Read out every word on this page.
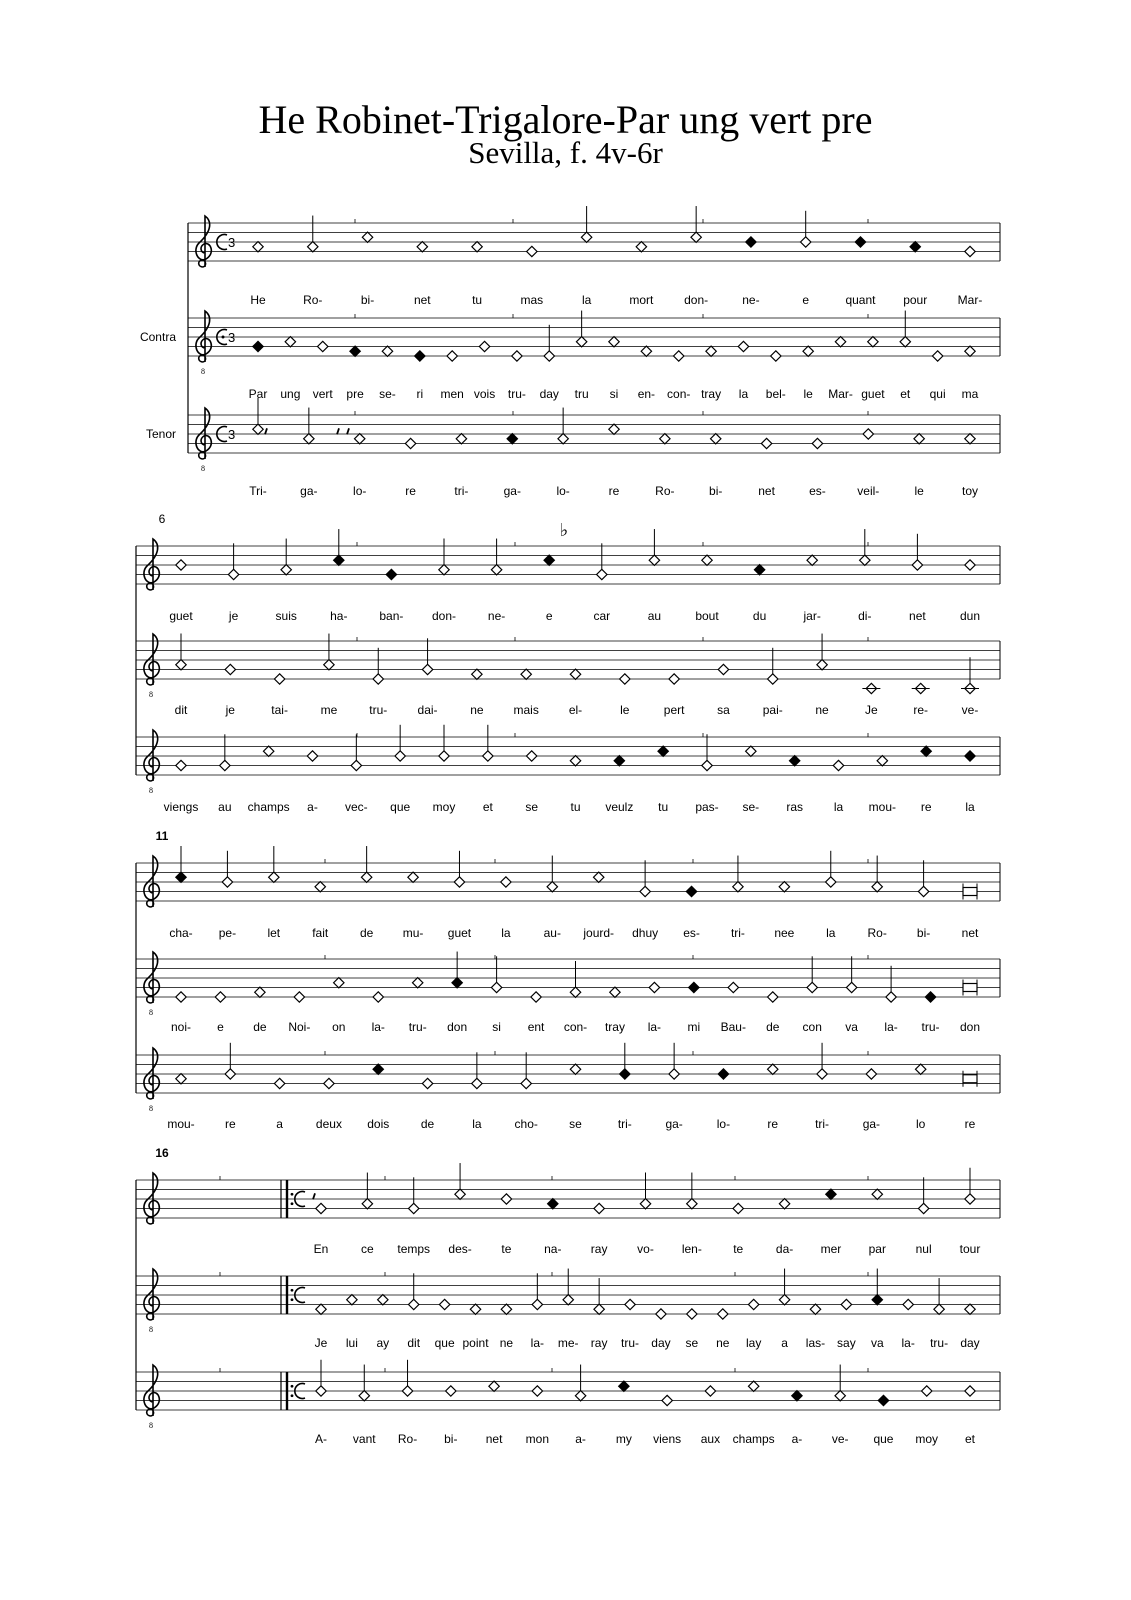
He Robinet-Trigalore-Par ung vert pre
Sevilla, f. 4v-6r
3
He	Ro-	bi-	net	tu	mas	la	mort	don-	ne-	e	quant pour	Mar-
8
3
Par ung vert pre se- ri men vois tru- day tru si en- con- tray la bel- le Mar- guet et qui ma
8
3
Tri-	ga-	lo-	re	tri-	ga-	lo-	re	Ro-	bi-	net	es-	veil-	le	toy
Contra
Tenor
6
guet	je	suis	ha-	ban- don-	ne-	e	car	au	bout	du	jar-	di-	net	dun
8
dit	je	tai-	me	tru-	dai-	ne mais el-	le	pert	sa	pai-	ne	Je	re-	ve-
8
viengs au champs a- vec- que moy et	se	tu veulz tu pas- se- ras	la mou- re	la
11
cha- pe-	let	fait	de mu- guet	la	au- jourd- dhuy es-	tri- nee	la	Ro-	bi-	net
8
noi- e de Noi- on la- tru- don si ent con- tray la- mi Bau- de con va la- tru- don
8
mou-	re	a	deux dois	de	la	cho-	se	tri-	ga-	lo-	re	tri-	ga-	lo	re
16
En	ce temps des- te	na- ray vo- len-	te	da- mer par nul tour
8
Je lui ay dit que point ne la- me- ray tru- day se ne lay a las- say va la- tru- day
8
A- vant Ro- bi- net mon a- my viens aux champs a- ve- que moy et
♭
